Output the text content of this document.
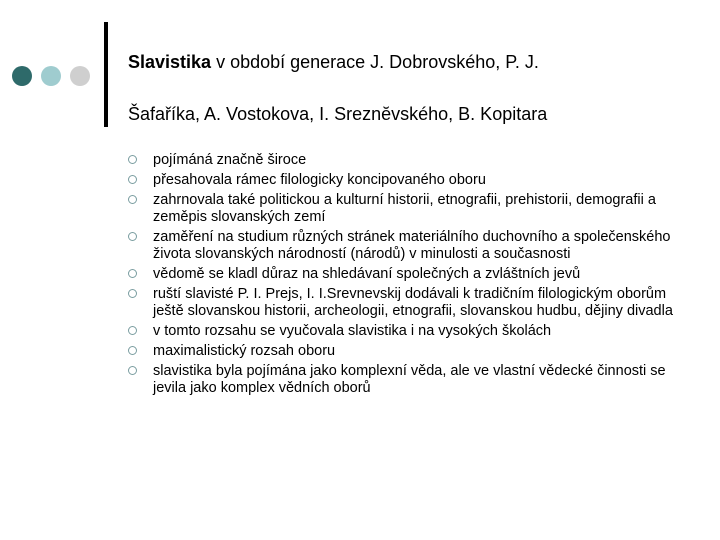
Slavistika v období generace J. Dobrovského, P. J.
Šafaříka, A. Vostokova, I. Sreznĕvského, B. Kopitara
pojímáná značně široce
přesahovala rámec filologicky koncipovaného oboru
zahrnovala také politickou a kulturní historii, etnografii, prehistorii, demografii a zeměpis slovanských zemí
zaměření na studium různých stránek materiálního duchovního a společenského života slovanských národností (národů) v minulosti a současnosti
vědomě se kladl důraz na shledávaní společných a zvláštních jevů
ruští slavisté P. I. Prejs, I. I.Srevnevskij dodávali k tradičním filologickým oborům ještě slovanskou historii, archeologii, etnografii, slovanskou hudbu, dějiny divadla
v tomto rozsahu se vyučovala slavistika i na vysokých školách
maximalistický rozsah oboru
slavistika byla pojímána jako komplexní věda, ale ve vlastní vědecké činnosti se jevila jako komplex vědních oborů
